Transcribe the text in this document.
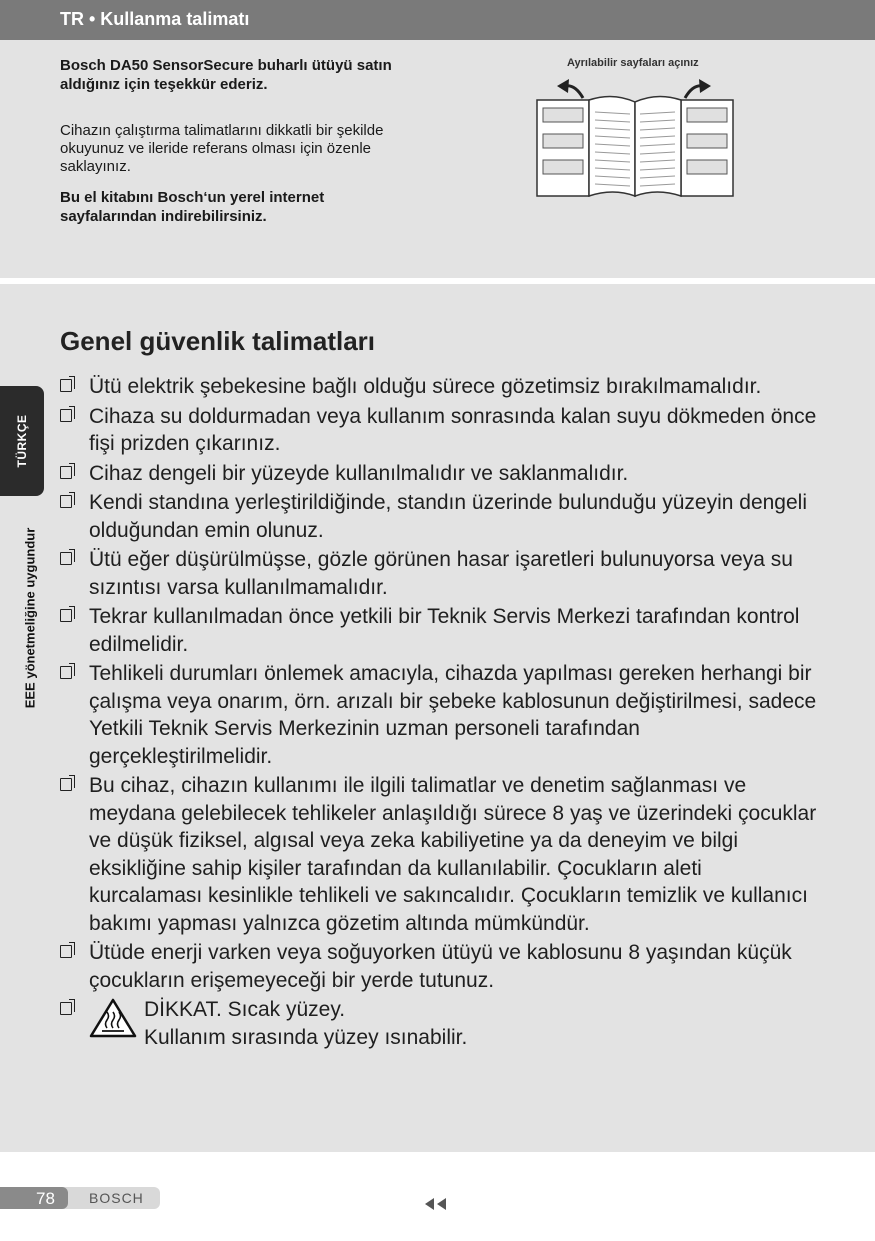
TR • Kullanma talimatı
Bosch DA50 SensorSecure buharlı ütüyü satın aldığınız için teşekkür ederiz.
Cihazın çalıştırma talimatlarını dikkatli bir şekilde okuyunuz ve ileride referans olması için özenle saklayınız.
Bu el kitabını Bosch‘un yerel internet sayfalarından indirebilirsiniz.
Ayrılabilir sayfaları açınız
TÜRKÇE
EEE yönetmeliğine uygundur
Genel güvenlik talimatları
Ütü elektrik şebekesine bağlı olduğu sürece gözetimsiz bırakılmamalıdır.
Cihaza su doldurmadan veya kullanım sonrasında kalan suyu dökmeden önce fişi prizden çıkarınız.
Cihaz dengeli bir yüzeyde kullanılmalıdır ve saklanmalıdır.
Kendi standına yerleştirildiğinde, standın üzerinde bulunduğu yüzeyin dengeli olduğundan emin olunuz.
Ütü eğer düşürülmüşse, gözle görünen hasar işaretleri bulunuyorsa veya su sızıntısı varsa kullanılmamalıdır.
Tekrar kullanılmadan önce yetkili bir Teknik Servis Merkezi tarafından kontrol edilmelidir.
Tehlikeli durumları önlemek amacıyla, cihazda yapılması gereken herhangi bir çalışma veya onarım, örn. arızalı bir şebeke kablosunun değiştirilmesi, sadece Yetkili Teknik Servis Merkezinin uzman personeli tarafından gerçekleştirilmelidir.
Bu cihaz, cihazın kullanımı ile ilgili talimatlar ve denetim sağlanması ve meydana gelebilecek tehlikeler anlaşıldığı sürece 8 yaş ve üzerindeki çocuklar ve düşük fiziksel, algısal veya zeka kabiliyetine ya da deneyim ve bilgi eksikliğine sahip kişiler tarafından da kullanılabilir. Çocukların aleti kurcalaması kesinlikle tehlikeli ve sakıncalıdır. Çocukların temizlik ve kullanıcı bakımı yapması yalnızca gözetim altında mümkündür.
Ütüde enerji varken veya soğuyorken ütüyü ve kablosunu 8 yaşından küçük çocukların erişemeyeceği bir yerde tutunuz.
DİKKAT. Sıcak yüzey.
Kullanım sırasında yüzey ısınabilir.
78 BOSCH
